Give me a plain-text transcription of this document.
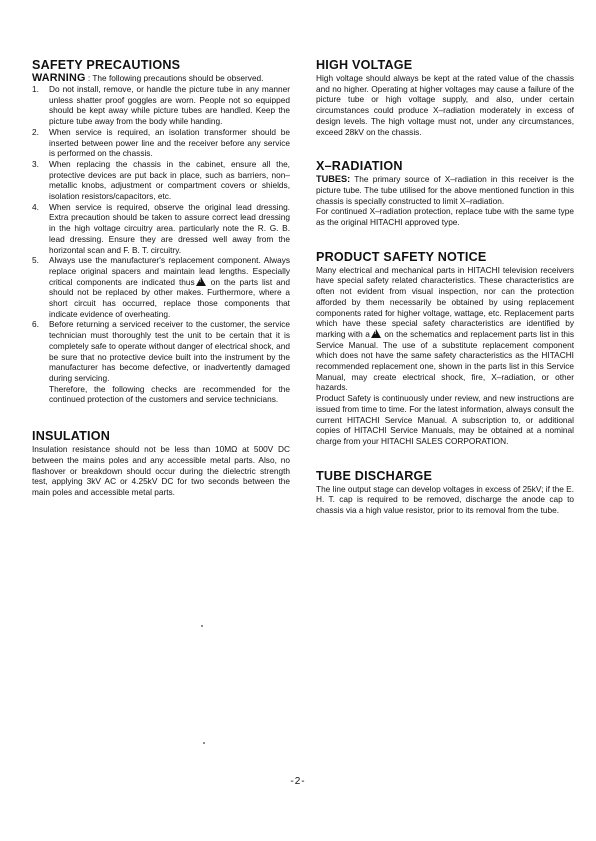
SAFETY PRECAUTIONS
WARNING : The following precautions should be observed.
1. Do not install, remove, or handle the picture tube in any manner unless shatter proof goggles are worn. People not so equipped should be kept away while picture tubes are handled. Keep the picture tube away from the body while handing.
2. When service is required, an isolation transformer should be inserted between power line and the receiver before any service is performed on the chassis.
3. When replacing the chassis in the cabinet, ensure all the, protective devices are put back in place, such as barriers, non–metallic knobs, adjustment or compartment covers or shields, isolation resistors/capacitors, etc.
4. When service is required, observe the original lead dressing. Extra precaution should be taken to assure correct lead dressing in the high voltage circuitry area. particularly note the R. G. B. lead dressing. Ensure they are dressed well away from the horizontal scan and F. B. T. circuitry.
5. Always use the manufacturer's replacement component. Always replace original spacers and maintain lead lengths. Especially critical components are indicated thus! on the parts list and should not be replaced by other makes. Furthermore, where a short circuit has occurred, replace those components that indicate evidence of overheating.
6. Before returning a serviced receiver to the customer, the service technician must thoroughly test the unit to be certain that it is completely safe to operate without danger of electrical shock, and be sure that no protective device built into the instrument by the manufacturer has become defective, or inadvertently damaged during servicing.
Therefore, the following checks are recommended for the continued protection of the customers and service technicians.
INSULATION

Insulation resistance should not be less than 10MΩ at 500V DC between the mains poles and any accessible metal parts. Also, no flashover or breakdown should occur during the dielectric strength test, applying 3kV AC or 4.25kV DC for two seconds between the main poles and accessible metal parts.

HIGH VOLTAGE

High voltage should always be kept at the rated value of the chassis and no higher. Operating at higher voltages may cause a failure of the picture tube or high voltage supply, and also, under certain circumstances could produce X–radiation moderately in excess of design levels. The high voltage must not, under any circumstances, exceed 28kV on the chassis.

X–RADIATION

TUBES: The primary source of X–radiation in this receiver is the picture tube. The tube utilised for the above mentioned function in this chassis is specially constructed to limit X–radiation.

For continued X–radiation protection, replace tube with the same type as the original HITACHI approved type.

PRODUCT SAFETY NOTICE

Many electrical and mechanical parts in HITACHI television receivers have special safety related characteristics. These characteristics are often not evident from visual inspection, nor can the protection afforded by them necessarily be obtained by using replacement components rated for higher voltage, wattage, etc. Replacement parts which have these special safety characteristics are identified by marking with a! on the schematics and replacement parts list in this Service Manual. The use of a substitute replacement component which does not have the same safety characteristics as the HITACHI recommended replacement one, shown in the parts list in this Service Manual, may create electrical shock, fire, X–radiation, or other hazards.

Product Safety is continuously under review, and new instructions are issued from time to time. For the latest information, always consult the current HITACHI Service Manual. A subscription to, or additional copies of HITACHI Service Manuals, may be obtained at a nominal charge from your HITACHI SALES CORPORATION.

TUBE DISCHARGE

The line output stage can develop voltages in excess of 25kV; if the E. H. T. cap is required to be removed, discharge the anode cap to chassis via a high value resistor, prior to its removal from the tube.

-2-
